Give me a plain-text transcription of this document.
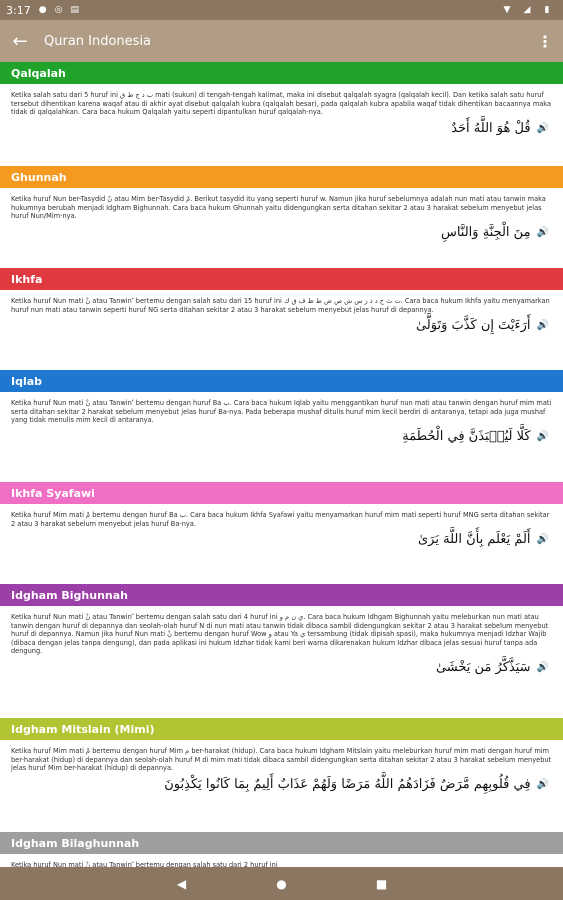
3:17 ● ◎ ▤	▼ ◢	▮
←	Quran Indonesia	⋮
Qalqalah
Ketika salah satu dari 5 huruf ini ب د ج ط ق mati (sukun) di tengah-tengah kalimat, maka ini disebut qalqalah syagra (qalqalah kecil). Dan ketika salah satu huruf tersebut dihentikan karena waqaf atau di akhir ayat disebut qalqalah kubra (qalqalah besar), pada qalqalah kubra apabila waqaf tidak dihentikan bacaannya maka tidak di qalqalahkan. Cara baca hukum Qalqalah yaitu seperti dipantulkan huruf qalqalah-nya.
قُلْ هُوَ اللَّهُ أَحَدٌ 🔊
Ghunnah
Ketika huruf Nun ber-Tasydid نّ atau Mim ber-Tasydid مّ. Berikut tasydid itu yang seperti huruf w. Namun jika huruf sebelumnya adalah nun mati atau tanwin maka hukumnya berubah menjadi Idgham Bighunnah. Cara baca hukum Ghunnah yaitu didengungkan serta ditahan sekitar 2 atau 3 harakat sebelum menyebut jelas huruf Nun/Mim-nya.
مِنَ الْجِنَّةِ وَالنَّاسِ 🔊
Ikhfa
Ketika huruf Nun mati نْ atau Tanwin ً bertemu dengan salah satu dari 15 huruf ini ت ث ج د ذ ز س ش ص ض ط ظ ف ق ك. Cara baca hukum Ikhfa yaitu menyamarkan huruf nun mati atau tanwin seperti huruf NG serta ditahan sekitar 2 atau 3 harakat sebelum menyebut jelas huruf di depannya.
أَرَءَيْتَ إِن كَذَّبَ وَتَوَلَّىٰ 🔊
Iqlab
Ketika huruf Nun mati نْ atau Tanwin ً bertemu dengan huruf Ba ب. Cara baca hukum Iqlab yaitu menggantikan huruf nun mati atau tanwin dengan huruf mim mati serta ditahan sekitar 2 harakat sebelum menyebut jelas huruf Ba-nya. Pada beberapa mushaf ditulis huruf mim kecil berdiri di antaranya, tetapi ada juga mushaf yang tidak menulis mim kecil di antaranya.
كَلَّا لَيُنۢبَذَنَّ فِي الْحُطَمَةِ 🔊
Ikhfa Syafawi
Ketika huruf Mim mati مْ bertemu dengan huruf Ba ب. Cara baca hukum Ikhfa Syafawi yaitu menyamarkan huruf mim mati seperti huruf MNG serta ditahan sekitar 2 atau 3 harakat sebelum menyebut jelas huruf Ba-nya.
أَلَمْ يَعْلَم بِأَنَّ اللَّهَ يَرَىٰ 🔊
Idgham Bighunnah
Ketika huruf Nun mati نْ atau Tanwin ً bertemu dengan salah satu dari 4 huruf ini ي ن م و. Cara baca hukum Idhgam Bighunnah yaitu meleburkan nun mati atau tanwin dengan huruf di depannya dan seolah-olah huruf N di nun mati atau tanwin tidak dibaca sambil didengungkan sekitar 2 atau 3 harakat sebelum menyebut huruf di depannya. Namun jika huruf Nun mati نْ bertemu dengan huruf Wow و atau Ya ي tersambung (tidak dipisah spasi), maka hukumnya menjadi Idzhar Wajib (dibaca dengan jelas tanpa dengung), dan pada aplikasi ini hukum Idzhar tidak kami beri warna dikarenakan hukum Idzhar dibaca jelas sesuai huruf tanpa ada dengung.
سَيَذَّكَّرُ مَن يَخْشَىٰ 🔊
Idgham Mitslain (Mimi)
Ketika huruf Mim mati مْ bertemu dengan huruf Mim م ber-harakat (hidup). Cara baca hukum Idgham Mitslain yaitu meleburkan huruf mim mati dengan huruf mim ber-harakat (hidup) di depannya dan seolah-olah huruf M di mim mati tidak dibaca sambil didengungkan serta ditahan sekitar 2 atau 3 harakat sebelum menyebut jelas huruf Mim ber-harakat (hidup) di depannya.
فِي قُلُوبِهِم مَّرَضٌ فَزَادَهُمُ اللَّهُ مَرَضًا وَلَهُمْ عَذَابٌ أَلِيمٌ بِمَا كَانُوا يَكْذِبُونَ 🔊
Idgham Bilaghunnah
Ketika huruf Nun mati نْ atau Tanwin ً bertemu dengan salah satu dari 2 huruf ini
◀	●	■
